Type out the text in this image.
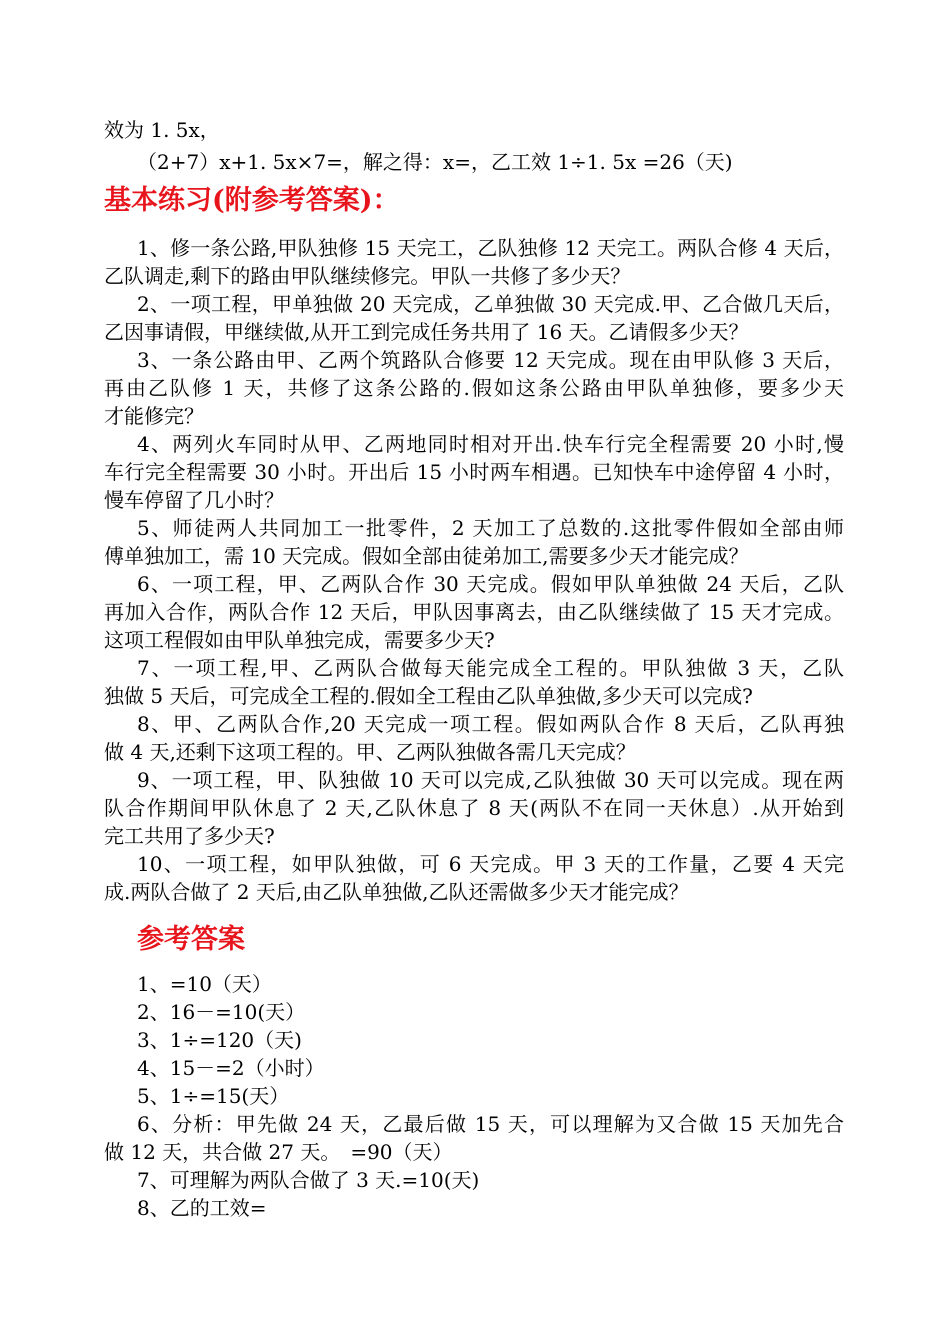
效为 1. 5x，
（2+7）x+1. 5x×7=，解之得：x=，乙工效 1÷1. 5x =26（天)
基本练习(附参考答案)：
1、修一条公路,甲队独修 15 天完工，乙队独修 12 天完工。两队合修 4 天后，
乙队调走,剩下的路由甲队继续修完。甲队一共修了多少天？
2、一项工程，甲单独做 20 天完成，乙单独做 30 天完成.甲、乙合做几天后，
乙因事请假，甲继续做,从开工到完成任务共用了 16 天。乙请假多少天？
3、一条公路由甲、乙两个筑路队合修要 12 天完成。现在由甲队修 3 天后，
再由乙队修 1 天，共修了这条公路的.假如这条公路由甲队单独修，要多少天
才能修完？
4、两列火车同时从甲、乙两地同时相对开出.快车行完全程需要 20 小时,慢
车行完全程需要 30 小时。开出后 15 小时两车相遇。已知快车中途停留 4 小时，
慢车停留了几小时？
5、师徒两人共同加工一批零件，2 天加工了总数的.这批零件假如全部由师
傅单独加工，需 10 天完成。假如全部由徒弟加工,需要多少天才能完成？
6、一项工程，甲、乙两队合作 30 天完成。假如甲队单独做 24 天后，乙队
再加入合作，两队合作 12 天后，甲队因事离去，由乙队继续做了 15 天才完成。
这项工程假如由甲队单独完成，需要多少天?
7、一项工程,甲、乙两队合做每天能完成全工程的。甲队独做 3 天，乙队
独做 5 天后，可完成全工程的.假如全工程由乙队单独做,多少天可以完成?
8、甲、乙两队合作,20 天完成一项工程。假如两队合作 8 天后，乙队再独
做 4 天,还剩下这项工程的。甲、乙两队独做各需几天完成？
9、一项工程，甲、队独做 10 天可以完成,乙队独做 30 天可以完成。现在两
队合作期间甲队休息了 2 天,乙队休息了 8 天(两队不在同一天休息）.从开始到
完工共用了多少天?
10、一项工程，如甲队独做，可 6 天完成。甲 3 天的工作量，乙要 4 天完
成.两队合做了 2 天后,由乙队单独做,乙队还需做多少天才能完成？
参考答案
1、=10（天）
2、16－=10(天）
3、1÷=120（天)
4、15－=2（小时）
5、1÷=15(天）
6、分析：甲先做 24 天，乙最后做 15 天，可以理解为又合做 15 天加先合
做 12 天，共合做 27 天。　=90（天）
7、可理解为两队合做了 3 天.=10(天)
8、乙的工效=
